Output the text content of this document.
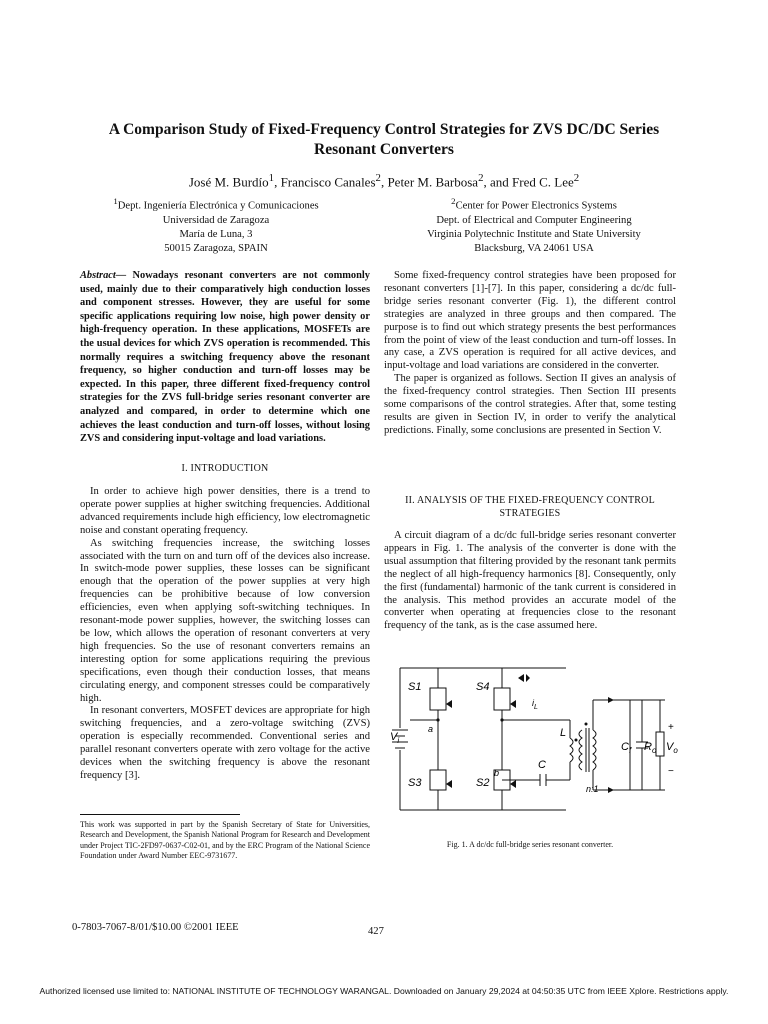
A Comparison Study of Fixed-Frequency Control Strategies for ZVS DC/DC Series
Resonant Converters
José M. Burdío$^1$, Francisco Canales$^2$, Peter M. Barbosa$^2$, and Fred C. Lee$^2$
$^1$Dept. Ingeniería Electrónica y Comunicaciones
Universidad de Zaragoza
María de Luna, 3
50015 Zaragoza, SPAIN
$^2$Center for Power Electronics Systems
Dept. of Electrical and Computer Engineering
Virginia Polytechnic Institute and State University
Blacksburg, VA 24061 USA
Abstract— Nowadays resonant converters are not commonly used, mainly due to their comparatively high conduction losses and component stresses. However, they are useful for some specific applications requiring low noise, high power density or high-frequency operation. In these applications, MOSFETs are the usual devices for which ZVS operation is recommended. This normally requires a switching frequency above the resonant frequency, so higher conduction and turn-off losses may be expected. In this paper, three different fixed-frequency control strategies for the ZVS full-bridge series resonant converter are analyzed and compared, in order to determine which one achieves the least conduction and turn-off losses, without losing ZVS and considering input-voltage and load variations.
I. INTRODUCTION

In order to achieve high power densities, there is a trend to operate power supplies at higher switching frequencies. Additional advanced requirements include high efficiency, low electromagnetic noise and constant operating frequency.

As switching frequencies increase, the switching losses associated with the turn on and turn off of the devices also increase. In switch-mode power supplies, these losses can be significant enough that the operation of the power supplies at very high frequencies can be prohibitive because of low conversion efficiencies, even when applying soft-switching techniques. In resonant-mode power supplies, however, the switching losses can be low, which allows the operation of resonant converters at very high frequencies. So the use of resonant converters remains an interesting option for some applications requiring the previous specifications, even though their conduction losses, that means circulating energy, and component stresses could be comparatively high.

In resonant converters, MOSFET devices are appropriate for high switching frequencies, and a zero-voltage switching (ZVS) operation is especially recommended. Conventional series and parallel resonant converters operate with zero voltage for the active devices when the switching frequency is above the resonant frequency [3].

This work was supported in part by the Spanish Secretary of State for Universities, Research and Development, the Spanish National Program for Research and Development under Project TIC-2FD97-0637-C02-01, and by the ERC Program of the National Science Foundation under Award Number EEC-9731677.

Some fixed-frequency control strategies have been proposed for resonant converters [1]-[7]. In this paper, considering a dc/dc full-bridge series resonant converter (Fig. 1), the different control strategies are analyzed in three groups and then compared. The purpose is to find out which strategy presents the best performances from the point of view of the least conduction and turn-off losses. In any case, a ZVS operation is required for all active devices, and input-voltage and load variations are considered in the converter.

The paper is organized as follows. Section II gives an analysis of the fixed-frequency control strategies. Then Section III presents some comparisons of the control strategies. After that, some testing results are given in Section IV, in order to verify the analytical predictions. Finally, some conclusions are presented in Section V.

II. ANALYSIS OF THE FIXED-FREQUENCY CONTROL
STRATEGIES

A circuit diagram of a dc/dc full-bridge series resonant converter appears in Fig. 1. The analysis of the converter is done with the usual assumption that filtering provided by the resonant tank permits the neglect of all high-frequency harmonics [8]. Consequently, only the first (fundamental) harmonic of the tank current is considered in the analysis. This method provides an accurate model of the converter when operating at frequencies close to the resonant frequency of the tank, as is the case assumed here.

S1	S4
S3	S2
$V_i$
a
b
$i_L$
L
C
$C_f$ $R_o$ $V_o$
+
−
n:1
Fig. 1. A dc/dc full-bridge series resonant converter.
0-7803-7067-8/01/$10.00 ©2001 IEEE	427
Authorized licensed use limited to: NATIONAL INSTITUTE OF TECHNOLOGY WARANGAL. Downloaded on January 29,2024 at 04:50:35 UTC from IEEE Xplore. Restrictions apply.
